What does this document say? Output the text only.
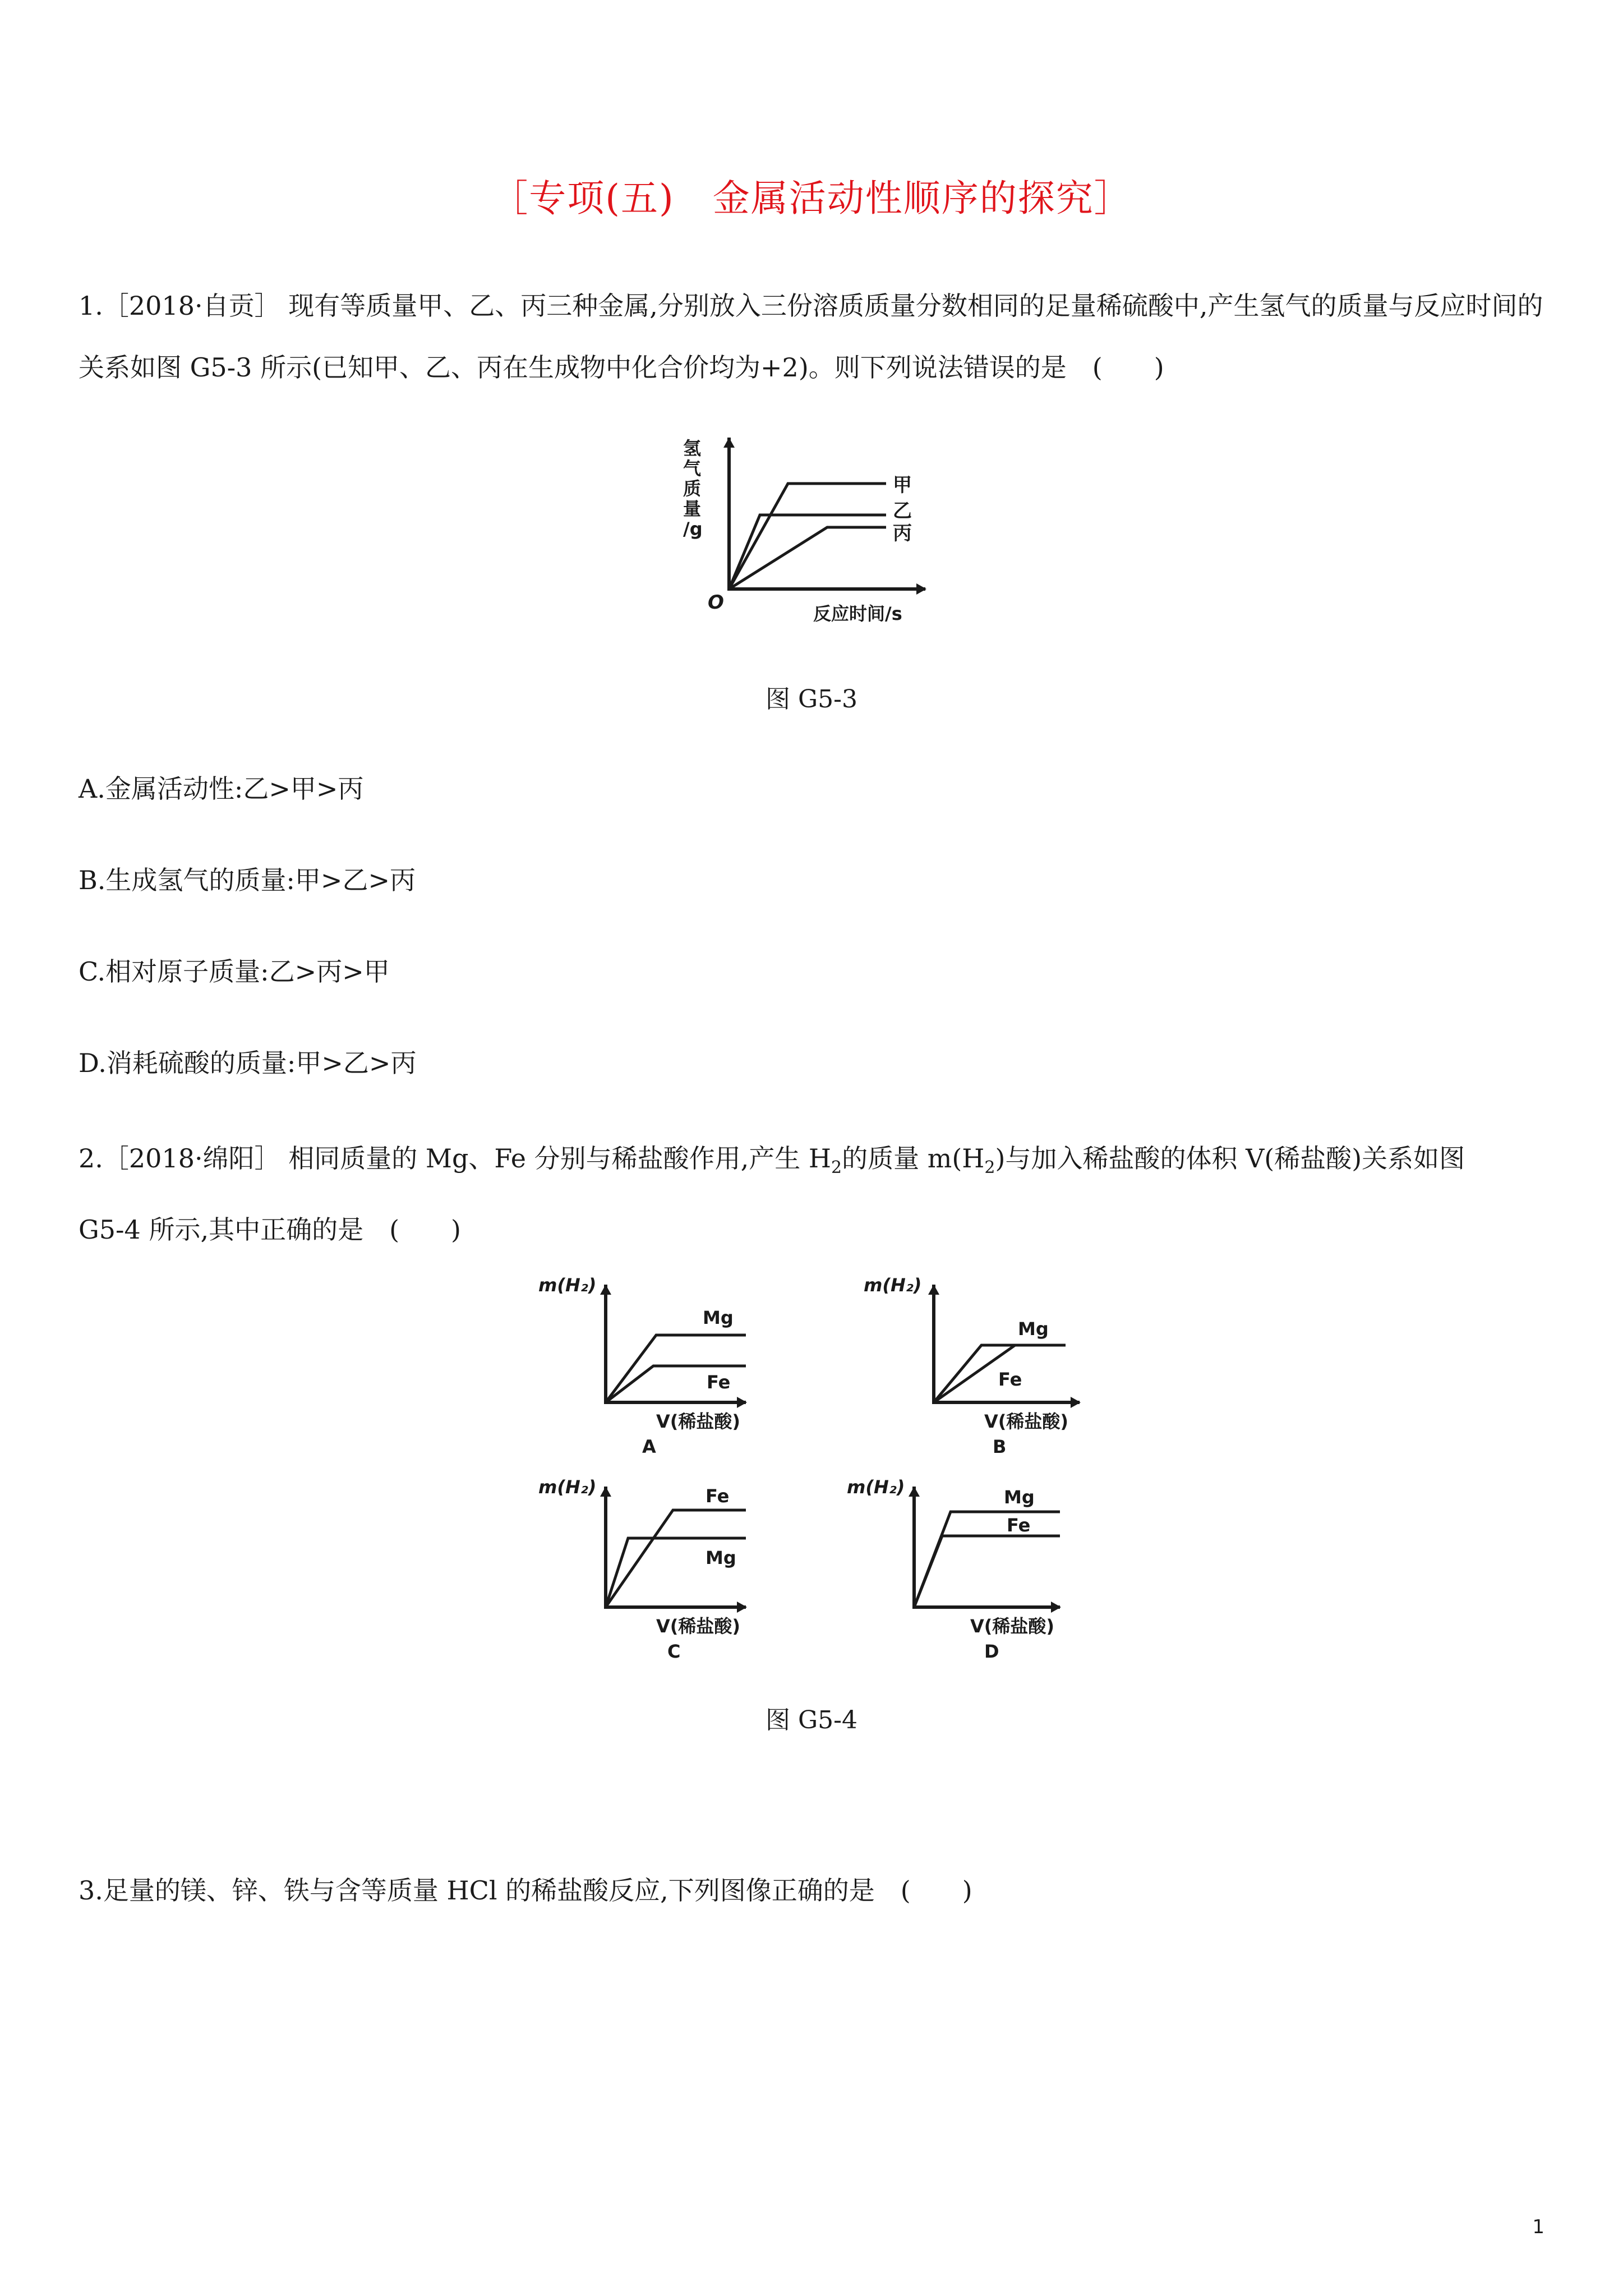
［专项(五)　金属活动性顺序的探究］
1.［2018·自贡］ 现有等质量甲、乙、丙三种金属,分别放入三份溶质质量分数相同的足量稀硫酸中,产生氢气的质量与反应时间的关系如图 G5-3 所示(已知甲、乙、丙在生成物中化合价均为+2)。则下列说法错误的是　(　　)
氢
气
质
量
/g
O	反应时间/s
甲
乙
丙
图 G5-3
A.金属活动性:乙>甲>丙
B.生成氢气的质量:甲>乙>丙
C.相对原子质量:乙>丙>甲
D.消耗硫酸的质量:甲>乙>丙
2.［2018·绵阳］ 相同质量的 Mg、Fe 分别与稀盐酸作用,产生 $H_2$的质量 $m(H_2)$与加入稀盐酸的体积 V(稀盐酸)关系如图
G5-4 所示,其中正确的是　(　　)
m(H₂)
Mg
Fe
V(稀盐酸)
A
m(H₂)
Mg
Fe
V(稀盐酸)
B
m(H₂)	Fe
Mg
V(稀盐酸)
C
m(H₂)	Mg
Fe
V(稀盐酸)
D
图 G5-4
3.足量的镁、锌、铁与含等质量 HCl 的稀盐酸反应,下列图像正确的是　(　　)
1
